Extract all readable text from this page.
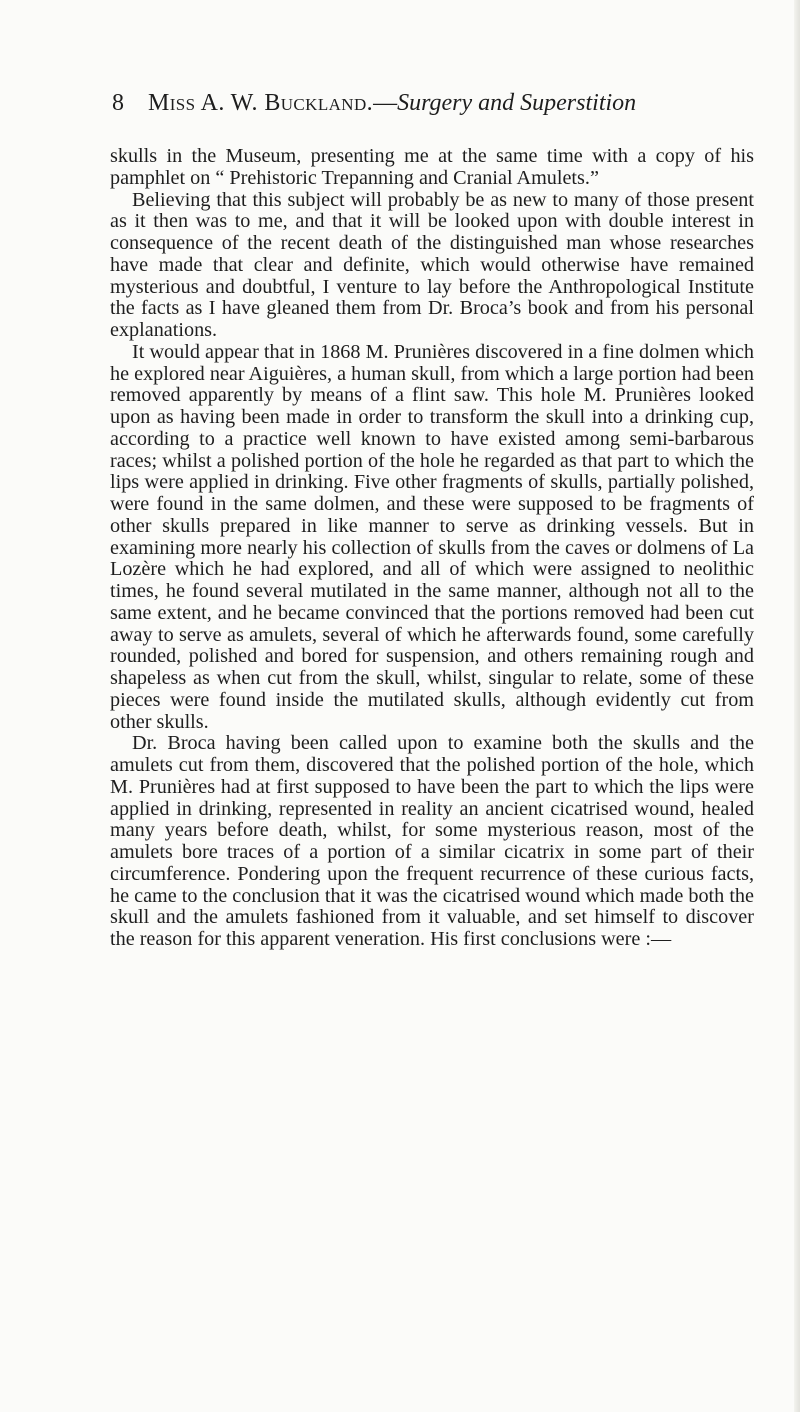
8 Miss A. W. Buckland.—Surgery and Superstition

skulls in the Museum, presenting me at the same time with a copy of his pamphlet on “ Prehistoric Trepanning and Cranial Amulets.”

Believing that this subject will probably be as new to many of those present as it then was to me, and that it will be looked upon with double interest in consequence of the recent death of the distinguished man whose researches have made that clear and definite, which would otherwise have remained mysterious and doubtful, I venture to lay before the Anthropological Institute the facts as I have gleaned them from Dr. Broca’s book and from his personal explanations.

It would appear that in 1868 M. Prunières discovered in a fine dolmen which he explored near Aiguières, a human skull, from which a large portion had been removed apparently by means of a flint saw. This hole M. Prunières looked upon as having been made in order to transform the skull into a drinking cup, according to a practice well known to have existed among semi-barbarous races; whilst a polished portion of the hole he regarded as that part to which the lips were applied in drinking. Five other fragments of skulls, partially polished, were found in the same dolmen, and these were supposed to be fragments of other skulls prepared in like manner to serve as drinking vessels. But in examining more nearly his collection of skulls from the caves or dolmens of La Lozère which he had explored, and all of which were assigned to neolithic times, he found several mutilated in the same manner, although not all to the same extent, and he became convinced that the portions removed had been cut away to serve as amulets, several of which he afterwards found, some carefully rounded, polished and bored for suspension, and others remaining rough and shapeless as when cut from the skull, whilst, singular to relate, some of these pieces were found inside the mutilated skulls, although evidently cut from other skulls.

Dr. Broca having been called upon to examine both the skulls and the amulets cut from them, discovered that the polished portion of the hole, which M. Prunières had at first supposed to have been the part to which the lips were applied in drinking, represented in reality an ancient cicatrised wound, healed many years before death, whilst, for some mysterious reason, most of the amulets bore traces of a portion of a similar cicatrix in some part of their circumference. Pondering upon the frequent recurrence of these curious facts, he came to the conclusion that it was the cicatrised wound which made both the skull and the amulets fashioned from it valuable, and set himself to discover the reason for this apparent veneration. His first conclusions were :—
